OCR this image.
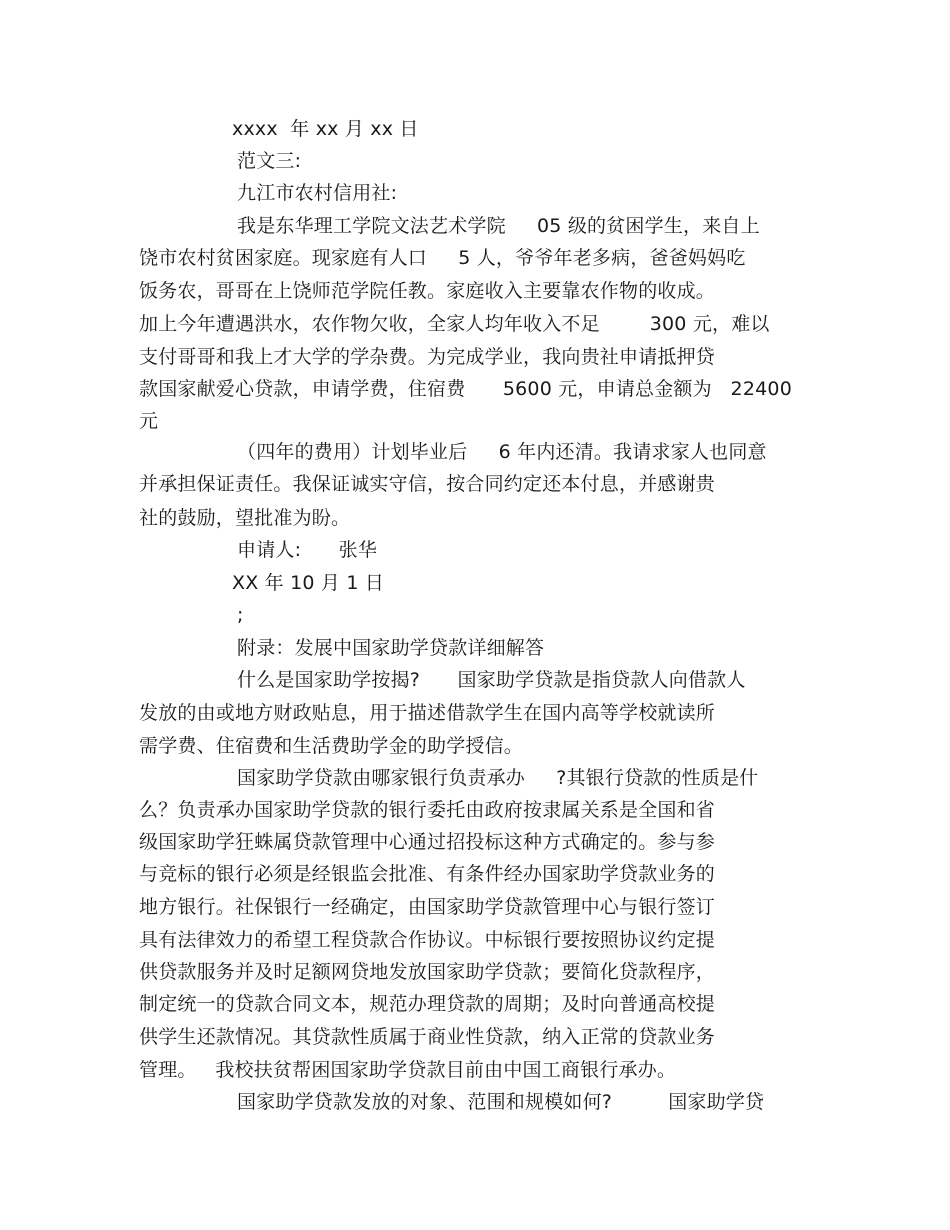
xxxx  年 xx 月 xx 日
范文三:
九江市农村信用社:
我是东华理工学院文法艺术学院     05 级的贫困学生，来自上
饶市农村贫困家庭。现家庭有人口     5 人，爷爷年老多病，爸爸妈妈吃
饭务农，哥哥在上饶师范学院任教。家庭收入主要靠农作物的收成。
加上今年遭遇洪水，农作物欠收，全家人均年收入不足        300 元，难以
支付哥哥和我上才大学的学杂费。为完成学业，我向贵社申请抵押贷
款国家献爱心贷款，申请学费，住宿费      5600 元，申请总金额为   22400
元
（四年的费用）计划毕业后     6 年内还清。我请求家人也同意
并承担保证责任。我保证诚实守信，按合同约定还本付息，并感谢贵
社的鼓励，望批准为盼。
申请人:      张华
XX 年 10 月 1 日
;
附录：发展中国家助学贷款详细解答
什么是国家助学按揭?      国家助学贷款是指贷款人向借款人
发放的由或地方财政贴息，用于描述借款学生在国内高等学校就读所
需学费、住宿费和生活费助学金的助学授信。
国家助学贷款由哪家银行负责承办     ?其银行贷款的性质是什
么？负责承办国家助学贷款的银行委托由政府按隶属关系是全国和省
级国家助学狂蛛属贷款管理中心通过招投标这种方式确定的。参与参
与竞标的银行必须是经银监会批准、有条件经办国家助学贷款业务的
地方银行。社保银行一经确定，由国家助学贷款管理中心与银行签订
具有法律效力的希望工程贷款合作协议。中标银行要按照协议约定提
供贷款服务并及时足额网贷地发放国家助学贷款；要简化贷款程序，
制定统一的贷款合同文本，规范办理贷款的周期；及时向普通高校提
供学生还款情况。其贷款性质属于商业性贷款，纳入正常的贷款业务
管理。   我校扶贫帮困国家助学贷款目前由中国工商银行承办。
国家助学贷款发放的对象、范围和规模如何?         国家助学贷
